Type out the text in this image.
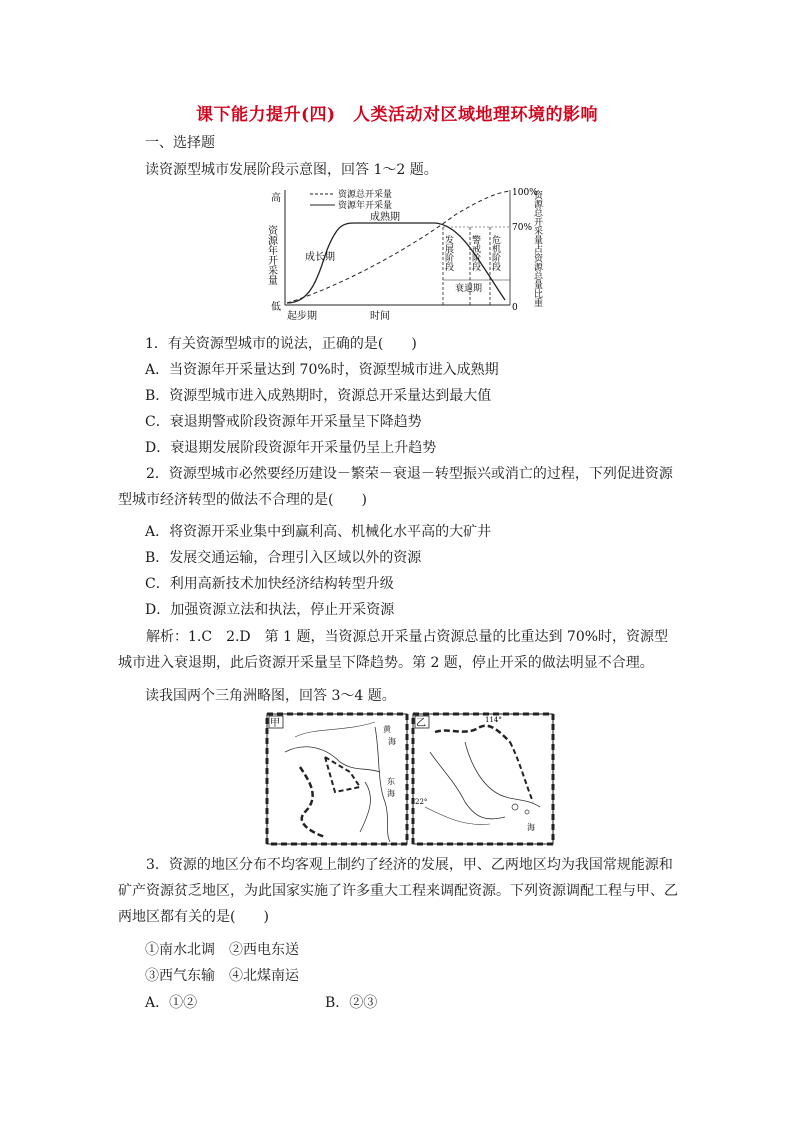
课下能力提升(四)　人类活动对区域地理环境的影响
一、选择题
读资源型城市发展阶段示意图，回答 1～2 题。
资源总开采量
资源年开采量
高
低
资源年开采量	成长期
成熟期
起步期	时间
发展阶段 警戒阶段 危机阶段
衰退期
100%
70%
0
资源总开采量占资源总量比重
1．有关资源型城市的说法，正确的是(　　)
A．当资源年开采量达到 70%时，资源型城市进入成熟期
B．资源型城市进入成熟期时，资源总开采量达到最大值
C．衰退期警戒阶段资源年开采量呈下降趋势
D．衰退期发展阶段资源年开采量仍呈上升趋势
2．资源型城市必然要经历建设－繁荣－衰退－转型振兴或消亡的过程，下列促进资源型城市经济转型的做法不合理的是(　　)
A．将资源开采业集中到赢利高、机械化水平高的大矿井
B．发展交通运输，合理引入区域以外的资源
C．利用高新技术加快经济结构转型升级
D．加强资源立法和执法，停止开采资源
解析：1.C　2.D　第 1 题，当资源总开采量占资源总量的比重达到 70%时，资源型城市进入衰退期，此后资源开采量呈下降趋势。第 2 题，停止开采的做法明显不合理。
读我国两个三角洲略图，回答 3～4 题。
甲
黄
海
东
海
乙	114°
22°
海
3．资源的地区分布不均客观上制约了经济的发展，甲、乙两地区均为我国常规能源和矿产资源贫乏地区，为此国家实施了许多重大工程来调配资源。下列资源调配工程与甲、乙两地区都有关的是(　　)
①南水北调　②西电东送
③西气东输　④北煤南运
A．①②	B．②③
